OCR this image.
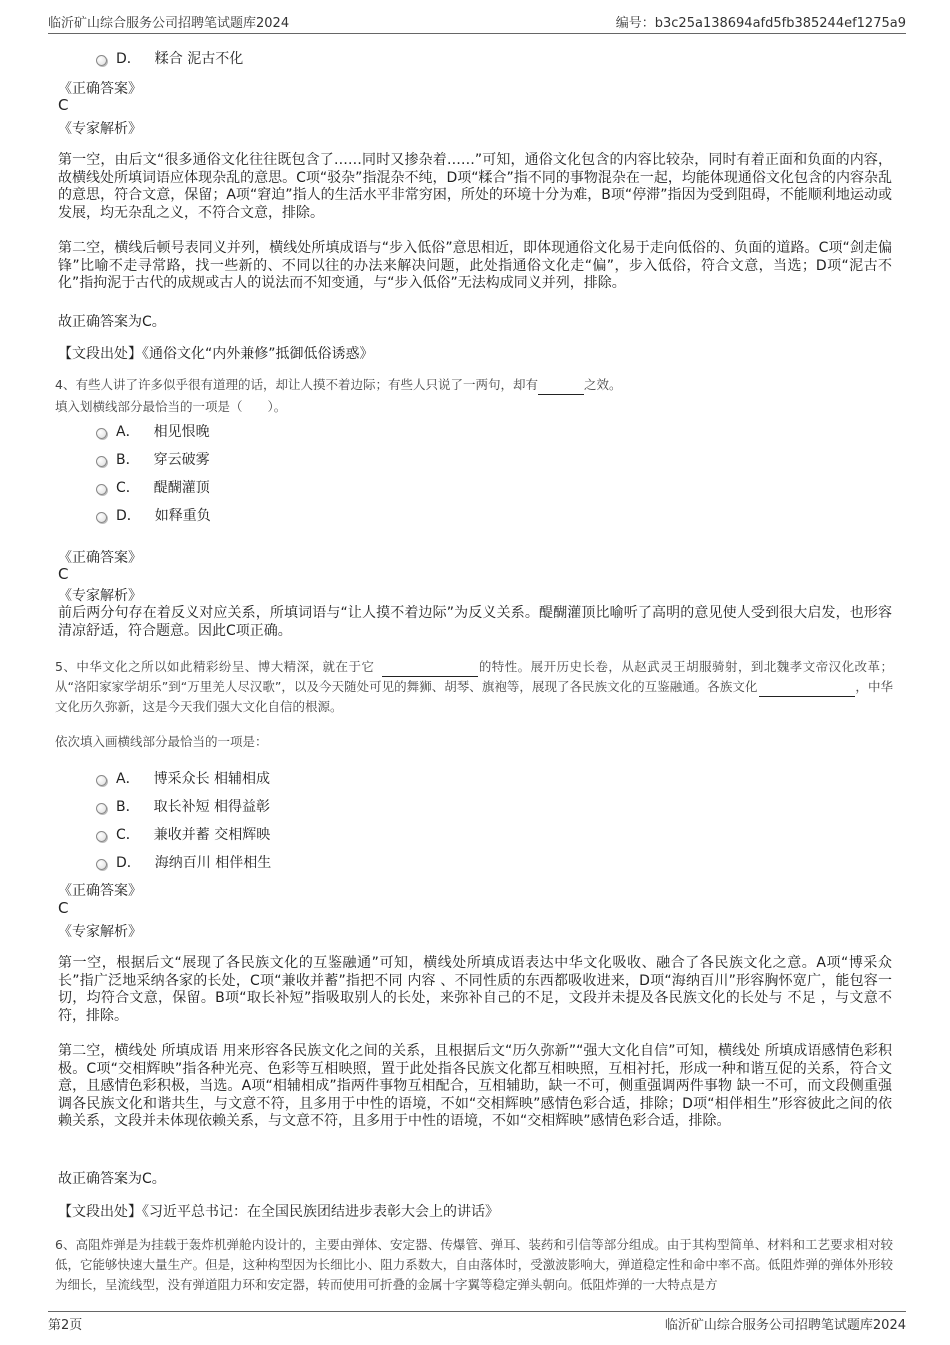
临沂矿山综合服务公司招聘笔试题库2024	编号：b3c25a138694afd5fb385244ef1275a9
D． 糅合 泥古不化
《正确答案》
C
《专家解析》
第一空，由后文“很多通俗文化往往既包含了……同时又掺杂着……”可知，通俗文化包含的内容比较杂，同时有着正面和负面的内容，故横线处所填词语应体现杂乱的意思。C项“驳杂”指混杂不纯，D项“糅合”指不同的事物混杂在一起，均能体现通俗文化包含的内容杂乱的意思，符合文意，保留；A项“窘迫”指人的生活水平非常穷困，所处的环境十分为难，B项“停滞”指因为受到阻碍，不能顺利地运动或发展，均无杂乱之义，不符合文意，排除。
第二空，横线后顿号表同义并列，横线处所填成语与“步入低俗”意思相近，即体现通俗文化易于走向低俗的、负面的道路。C项“剑走偏锋”比喻不走寻常路，找一些新的、不同以往的办法来解决问题，此处指通俗文化走“偏”，步入低俗，符合文意，当选；D项“泥古不化”指拘泥于古代的成规或古人的说法而不知变通，与“步入低俗”无法构成同义并列，排除。
故正确答案为C。
【文段出处】《通俗文化“内外兼修”抵御低俗诱惑》
4、有些人讲了许多似乎很有道理的话，却让人摸不着边际；有些人只说了一两句，却有	之效。
填入划横线部分最恰当的一项是（　　）。
A． 相见恨晚
B． 穿云破雾
C． 醍醐灌顶
D． 如释重负
《正确答案》
C
《专家解析》
前后两分句存在着反义对应关系，所填词语与“让人摸不着边际”为反义关系。醍醐灌顶比喻听了高明的意见使人受到很大启发，也形容清凉舒适，符合题意。因此C项正确。
5、中华文化之所以如此精彩纷呈、博大精深，就在于它	的特性。展开历史长卷，从赵武灵王胡服骑射，到北魏孝文帝汉化改革；从“洛阳家家学胡乐”到“万里羌人尽汉歌”，以及今天随处可见的舞狮、胡琴、旗袍等，展现了各民族文化的互鉴融通。各族文化	，中华文化历久弥新，这是今天我们强大文化自信的根源。
依次填入画横线部分最恰当的一项是：
A． 博采众长 相辅相成
B． 取长补短 相得益彰
C． 兼收并蓄 交相辉映
D． 海纳百川 相伴相生
《正确答案》
C
《专家解析》
第一空，根据后文“展现了各民族文化的互鉴融通”可知，横线处所填成语表达中华文化吸收、融合了各民族文化之意。A项“博采众长”指广泛地采纳各家的长处，C项“兼收并蓄”指把不同 内容 、不同性质的东西都吸收进来，D项“海纳百川”形容胸怀宽广，能包容一切，均符合文意，保留。B项“取长补短”指吸取别人的长处，来弥补自己的不足，文段并未提及各民族文化的长处与 不足 ，与文意不符，排除。
第二空，横线处 所填成语 用来形容各民族文化之间的关系，且根据后文“历久弥新”“强大文化自信”可知，横线处 所填成语感情色彩积极。C项“交相辉映”指各种光亮、色彩等互相映照，置于此处指各民族文化都互相映照，互相衬托，形成一种和谐互促的关系，符合文意，且感情色彩积极，当选。A项“相辅相成”指两件事物互相配合，互相辅助，缺一不可，侧重强调两件事物 缺一不可，而文段侧重强调各民族文化和谐共生，与文意不符，且多用于中性的语境，不如“交相辉映”感情色彩合适，排除；D项“相伴相生”形容彼此之间的依赖关系，文段并未体现依赖关系，与文意不符，且多用于中性的语境，不如“交相辉映”感情色彩合适，排除。
故正确答案为C。
【文段出处】《习近平总书记：在全国民族团结进步表彰大会上的讲话》
6、高阻炸弹是为挂载于轰炸机弹舱内设计的，主要由弹体、安定器、传爆管、弹耳、装药和引信等部分组成。由于其构型简单、材料和工艺要求相对较低，它能够快速大量生产。但是，这种构型因为长细比小、阻力系数大，自由落体时，受激波影响大，弹道稳定性和命中率不高。低阻炸弹的弹体外形较为细长，呈流线型，没有弹道阻力环和安定器，转而使用可折叠的金属十字翼等稳定弹头朝向。低阻炸弹的一大特点是方
第2页	临沂矿山综合服务公司招聘笔试题库2024
